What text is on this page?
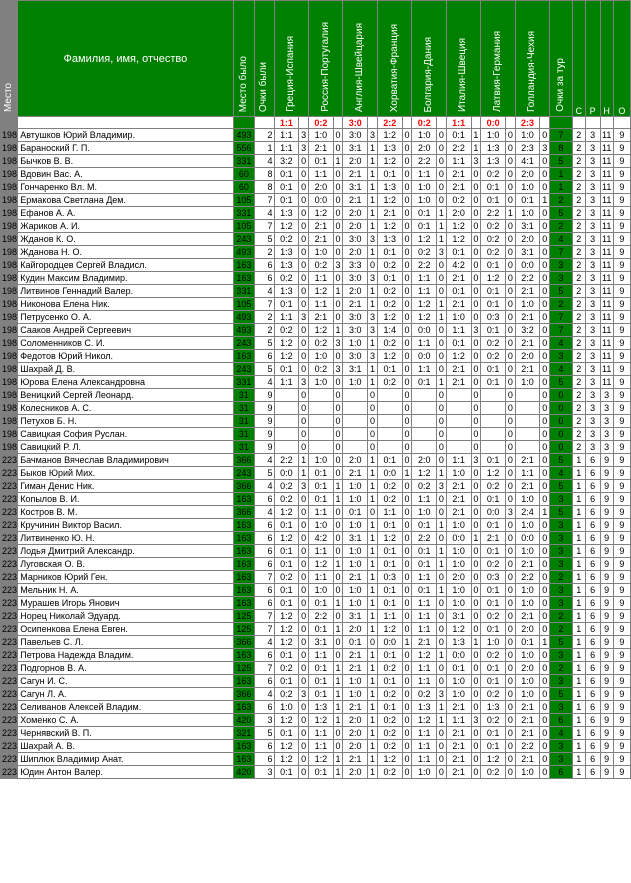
Место	Фамилия, имя, отчество	Место было	Очки были	Греция-Испания		Россия-Португалия		Англия-Швейцария		Хорватия-Франция		Болгария-Дания		Италия-Швеция		Латвия-Германия		Голландия-Чехия		Очки за тур	С	Р	Н	О
				1:1		0:2		3:0		2:2		0:2		1:1		0:0		2:3						
198	Автушков Юрий Владимир.	493	2	1:1	3	1:0	0	3:0	3	1:2	0	1:0	0	0:1	1	1:0	0	1:0	0	7	2	3	11	9
198	Бараноский Г. П.	556	1	1:1	3	2:1	0	3:1	1	1:3	0	2:0	0	2:2	1	1:3	0	2:3	3	8	2	3	11	9
198	Бычков В. В.	331	4	3:2	0	0:1	1	2:0	1	1:2	0	2:2	0	1:1	3	1:3	0	4:1	0	5	2	3	11	9
198	Вдовин Вас. А.	60	8	0:1	0	1:1	0	2:1	1	0:1	0	1:1	0	2:1	0	0:2	0	2:0	0	1	2	3	11	9
198	Гончаренко Вл. М.	60	8	0:1	0	2:0	0	3:1	1	1:3	0	1:0	0	2:1	0	0:1	0	1:0	0	1	2	3	11	9
198	Ермакова Светлана Дем.	105	7	0:1	0	0:0	0	2:1	1	1:2	0	1:0	0	0:2	0	0:1	0	0:1	1	2	2	3	11	9
198	Ефанов А. А.	331	4	1:3	0	1:2	0	2:0	1	2:1	0	0:1	1	2:0	0	2:2	1	1:0	0	5	2	3	11	9
198	Жариков А. И.	105	7	1:2	0	2:1	0	2:0	1	1:2	0	0:1	1	1:2	0	0:2	0	3:1	0	2	2	3	11	9
198	Жданов К. О.	243	5	0:2	0	2:1	0	3:0	3	1:3	0	1:2	1	1:2	0	0:2	0	2:0	0	4	2	3	11	9
198	Жданова Н. О.	493	2	1:3	0	1:0	0	2:0	1	0:1	0	0:2	3	0:1	0	0:2	0	3:1	0	7	2	3	11	9
198	Кайгородцев Сергей Владисл.	163	6	1:3	0	0:2	3	3:3	0	0:2	0	2:2	0	4:2	0	0:1	0	0:0	0	3	2	3	11	9
198	Кудин Максим Владимир.	163	6	0:2	0	1:1	0	3:0	3	0:1	0	1:1	0	2:1	0	1:2	0	2:2	0	3	2	3	11	9
198	Литвинов Геннадий Валер.	331	4	1:3	0	1:2	1	2:0	1	0:2	0	1:1	0	0:1	0	0:1	0	2:1	0	5	2	3	11	9
198	Никонова Елена Ник.	105	7	0:1	0	1:1	0	2:1	1	0:2	0	1:2	1	2:1	0	0:1	0	1:0	0	2	2	3	11	9
198	Петрусенко О. А.	493	2	1:1	3	2:1	0	3:0	3	1:2	0	1:2	1	1:0	0	0:3	0	2:1	0	7	2	3	11	9
198	Сааков Андрей Сергеевич	493	2	0:2	0	1:2	1	3:0	3	1:4	0	0:0	0	1:1	3	0:1	0	3:2	0	7	2	3	11	9
198	Соломенников С. И.	243	5	1:2	0	0:2	3	1:0	1	0:2	0	1:1	0	0:1	0	0:2	0	2:1	0	4	2	3	11	9
198	Федотов Юрий Никол.	163	6	1:2	0	1:0	0	3:0	3	1:2	0	0:0	0	1:2	0	0:2	0	2:0	0	3	2	3	11	9
198	Шахрай Д. В.	243	5	0:1	0	0:2	3	3:1	1	0:1	0	1:1	0	2:1	0	0:1	0	2:1	0	4	2	3	11	9
198	Юрова Елена Александровна	331	4	1:1	3	1:0	0	1:0	1	0:2	0	0:1	1	2:1	0	0:1	0	1:0	0	5	2	3	11	9
198	Веницкий Сергей Леонард.	31	9		0		0		0		0		0		0		0		0	0	2	3	3	9
198	Колесников А. С.	31	9		0		0		0		0		0		0		0		0	0	2	3	3	9
198	Петухов Б. Н.	31	9		0		0		0		0		0		0		0		0	0	2	3	3	9
198	Савицкая София Руслан.	31	9		0		0		0		0		0		0		0		0	0	2	3	3	9
198	Савицкий Р. Л.	31	9		0		0		0		0		0		0		0		0	0	2	3	3	9
223	Бачманов Вячеслав Владимирович	366	4	2:2	1	1:0	0	2:0	1	0:1	0	2:0	0	1:1	3	0:1	0	2:1	0	5	1	6	9	9
223	Быков Юрий Мих.	243	5	0:0	1	0:1	0	2:1	1	0:0	1	1:2	1	1:0	0	1:2	0	1:1	0	4	1	6	9	9
223	Гиман Денис Ник.	366	4	0:2	3	0:1	1	1:0	1	0:2	0	0:2	3	2:1	0	0:2	0	2:1	0	5	1	6	9	9
223	Копылов В. И.	163	6	0:2	0	0:1	1	1:0	1	0:2	0	1:1	0	2:1	0	0:1	0	1:0	0	3	1	6	9	9
223	Костров В. М.	366	4	1:2	0	1:1	0	0:1	0	1:1	0	1:0	0	2:1	0	0:0	3	2:4	1	5	1	6	9	9
223	Кручинин Виктор Васил.	163	6	0:1	0	1:0	0	1:0	1	0:1	0	0:1	1	1:0	0	0:1	0	1:0	0	3	1	6	9	9
223	Литвиненко Ю. Н.	163	6	1:2	0	4:2	0	3:1	1	1:2	0	2:2	0	0:0	1	2:1	0	0:0	0	3	1	6	9	9
223	Лодья Дмитрий Александр.	163	6	0:1	0	1:1	0	1:0	1	0:1	0	0:1	1	1:0	0	0:1	0	1:0	0	3	1	6	9	9
223	Луговская О. В.	163	6	0:1	0	1:2	1	1:0	1	0:1	0	0:1	1	1:0	0	0:2	0	2:1	0	3	1	6	9	9
223	Марников Юрий Ген.	163	7	0:2	0	1:1	0	2:1	1	0:3	0	1:1	0	2:0	0	0:3	0	2:2	0	2	1	6	9	9
223	Мельник Н. А.	163	6	0:1	0	1:0	0	1:0	1	0:1	0	0:1	1	1:0	0	0:1	0	1:0	0	3	1	6	9	9
223	Мурашев Игорь Янович	163	6	0:1	0	0:1	1	1:0	1	0:1	0	1:1	0	1:0	0	0:1	0	1:0	0	3	1	6	9	9
223	Норец Николай Эдуард.	125	7	1:2	0	2:2	0	3:1	1	1:1	0	1:1	0	3:1	0	0:2	0	2:1	0	2	1	6	9	9
223	Осипенкова Елена Евген.	125	7	1:2	0	0:1	1	2:0	1	1:2	0	1:1	0	1:2	0	0:1	0	2:0	0	2	1	6	9	9
223	Павельев С. Л.	366	4	1:2	0	3:1	0	0:1	0	0:0	1	2:1	0	1:3	1	1:0	0	0:1	1	5	1	6	9	9
223	Петрова Надежда Владим.	163	6	0:1	0	1:1	0	2:1	1	0:1	0	1:2	1	0:0	0	0:2	0	1:0	0	3	1	6	9	9
223	Подгорнов В. А.	125	7	0:2	0	0:1	1	2:1	1	0:2	0	1:1	0	0:1	0	0:1	0	2:0	0	2	1	6	9	9
223	Сагун И. С.	163	6	0:1	0	0:1	1	1:0	1	0:1	0	1:1	0	1:0	0	0:1	0	1:0	0	3	1	6	9	9
223	Сагун Л. А.	366	4	0:2	3	0:1	1	1:0	1	0:2	0	0:2	3	1:0	0	0:2	0	1:0	0	5	1	6	9	9
223	Селиванов Алексей Владим.	163	6	1:0	0	1:3	1	2:1	1	0:1	0	1:3	1	2:1	0	1:3	0	2:1	0	3	1	6	9	9
223	Хоменко С. А.	420	3	1:2	0	1:2	1	2:0	1	0:2	0	1:2	1	1:1	3	0:2	0	2:1	0	6	1	6	9	9
223	Чернявский В. П.	321	5	0:1	0	1:1	0	2:0	1	0:2	0	1:1	0	2:1	0	0:1	0	2:1	0	4	1	6	9	9
223	Шахрай А. В.	163	6	1:2	0	1:1	0	2:0	1	0:2	0	1:1	0	2:1	0	0:1	0	2:2	0	3	1	6	9	9
223	Шиплюк Владимир Анат.	163	6	1:2	0	1:2	1	2:1	1	1:2	0	1:1	0	2:1	0	1:2	0	2:1	0	3	1	6	9	9
223	Юдин Антон Валер.	420	3	0:1	0	0:1	1	2:0	1	0:2	0	1:0	0	2:1	0	0:2	0	1:0	0	6	1	6	9	9
